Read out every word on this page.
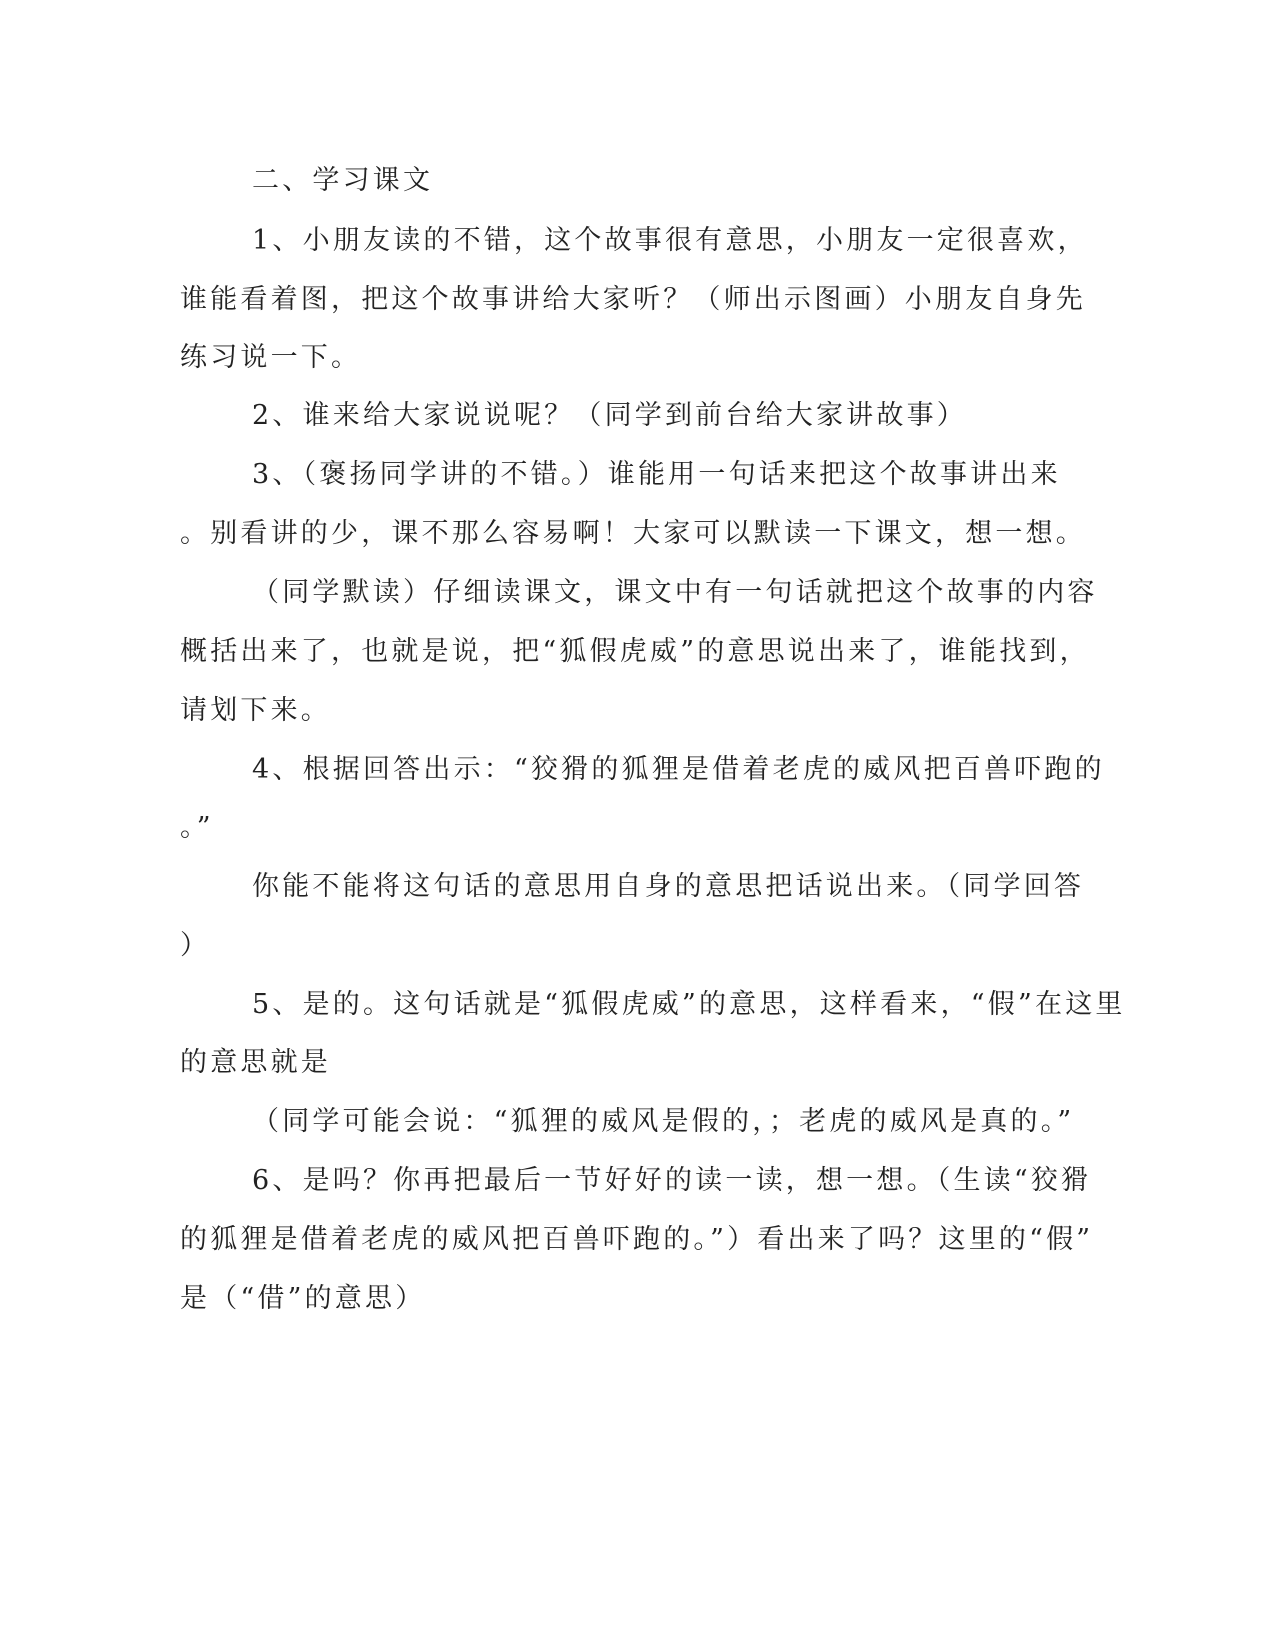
二、学习课文
1、小朋友读的不错，这个故事很有意思，小朋友一定很喜欢，
谁能看着图，把这个故事讲给大家听？（师出示图画）小朋友自身先
练习说一下。
2、谁来给大家说说呢？（同学到前台给大家讲故事）
3、（褒扬同学讲的不错。）谁能用一句话来把这个故事讲出来
。别看讲的少，课不那么容易啊！大家可以默读一下课文，想一想。
（同学默读）仔细读课文，课文中有一句话就把这个故事的内容
概括出来了，也就是说，把“狐假虎威”的意思说出来了，谁能找到，
请划下来。
4、根据回答出示：“狡猾的狐狸是借着老虎的威风把百兽吓跑的
。”
你能不能将这句话的意思用自身的意思把话说出来。（同学回答
）
5、是的。这句话就是“狐假虎威”的意思，这样看来，“假”在这里
的意思就是
（同学可能会说：“狐狸的威风是假的，；老虎的威风是真的。”
6、是吗？你再把最后一节好好的读一读，想一想。（生读“狡猾
的狐狸是借着老虎的威风把百兽吓跑的。”）看出来了吗？这里的“假”
是（“借”的意思）
